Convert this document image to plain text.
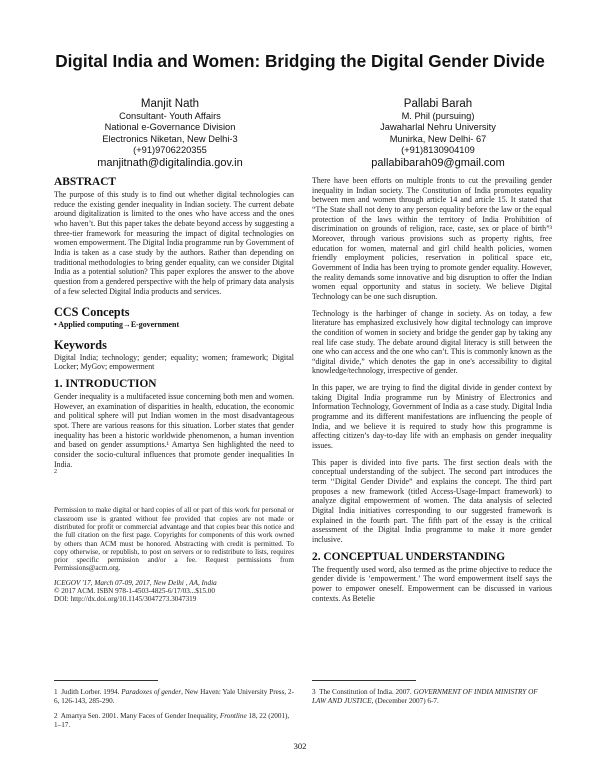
Digital India and Women: Bridging the Digital Gender Divide
Manjit Nath
Consultant- Youth Affairs
National e-Governance Division
Electronics Niketan, New Delhi-3
(+91)9706220355
manjitnath@digitalindia.gov.in
Pallabi Barah
M. Phil (pursuing)
Jawaharlal Nehru University
Munirka, New Delhi- 67
(+91)8130904109
pallabibarah09@gmail.com
ABSTRACT

The purpose of this study is to find out whether digital technologies can reduce the existing gender inequality in Indian society. The current debate around digitalization is limited to the ones who have access and the ones who haven’t. But this paper takes the debate beyond access by suggesting a three-tier framework for measuring the impact of digital technologies on women empowerment. The Digital India programme run by Government of India is taken as a case study by the authors. Rather than depending on traditional methodologies to bring gender equality, can we consider Digital India as a potential solution? This paper explores the answer to the above question from a gendered perspective with the help of primary data analysis of a few selected Digital India products and services.

CCS Concepts

• Applied computing→E-government

Keywords

Digital India; technology; gender; equality; women; framework; Digital Locker; MyGov; empowerment

1. INTRODUCTION

Gender inequality is a multifaceted issue concerning both men and women. However, an examination of disparities in health, education, the economic and political sphere will put Indian women in the most disadvantageous spot. There are various reasons for this situation. Lorber states that gender inequality has been a historic worldwide phenomenon, a human invention and based on gender assumptions.¹ Amartya Sen highlighted the need to consider the socio-cultural influences that promote gender inequalities In India.

2

Permission to make digital or hard copies of all or part of this work for personal or classroom use is granted without fee provided that copies are not made or distributed for profit or commercial advantage and that copies bear this notice and the full citation on the first page. Copyrights for components of this work owned by others than ACM must be honored. Abstracting with credit is permitted. To copy otherwise, or republish, to post on servers or to redistribute to lists, requires prior specific permission and/or a fee. Request permissions from Permissions@acm.org.

ICEGOV '17, March 07-09, 2017, New Delhi , AA, India

© 2017 ACM. ISBN 978-1-4503-4825-6/17/03...$15.00

DOI: http://dx.doi.org/10.1145/3047273.3047319

There have been efforts on multiple fronts to cut the prevailing gender inequality in Indian society. The Constitution of India promotes equality between men and women through article 14 and article 15. It stated that “The State shall not deny to any person equality before the law or the equal protection of the laws within the territory of India Prohibition of discrimination on grounds of religion, race, caste, sex or place of birth”³ Moreover, through various provisions such as property rights, free education for women, maternal and girl child health policies, women friendly employment policies, reservation in political space etc, Government of India has been trying to promote gender equality. However, the reality demands some innovative and big disruption to offer the Indian women equal opportunity and status in society. We believe Digital Technology can be one such disruption.

Technology is the harbinger of change in society. As on today, a few literature has emphasized exclusively how digital technology can improve the condition of women in society and bridge the gender gap by taking any real life case study. The debate around digital literacy is still between the one who can access and the one who can’t. This is commonly known as the “digital divide,” which denotes the gap in one's accessibility to digital knowledge/technology, irrespective of gender.

In this paper, we are trying to find the digital divide in gender context by taking Digital India programme run by Ministry of Electronics and Information Technology, Government of India as a case study. Digital India programme and its different manifestations are influencing the people of India, and we believe it is required to study how this programme is affecting citizen’s day-to-day life with an emphasis on gender inequality issues.

This paper is divided into five parts. The first section deals with the conceptual understanding of the subject. The second part introduces the term ‘‘Digital Gender Divide” and explains the concept. The third part proposes a new framework (titled Access-Usage-Impact framework) to analyze digital empowerment of women. The data analysis of selected Digital India initiatives corresponding to our suggested framework is explained in the fourth part. The fifth part of the essay is the critical assessment of the Digital India programme to make it more gender inclusive.

2. CONCEPTUAL UNDERSTANDING

The frequently used word, also termed as the prime objective to reduce the gender divide is ‘empowerment.’ The word empowerment itself says the power to empower oneself. Empowerment can be discussed in various contexts. As Betelie

1 Judith Lorber. 1994. Paradoxes of gender, New Haven: Yale University Press, 2-6, 126-143, 285-290.
2 Amartya Sen. 2001. Many Faces of Gender Inequality, Frontline 18, 22 (2001), 1–17.
3 The Constitution of India. 2007. GOVERNMENT OF INDIA MINISTRY OF LAW AND JUSTICE, (December 2007) 6-7.
302
